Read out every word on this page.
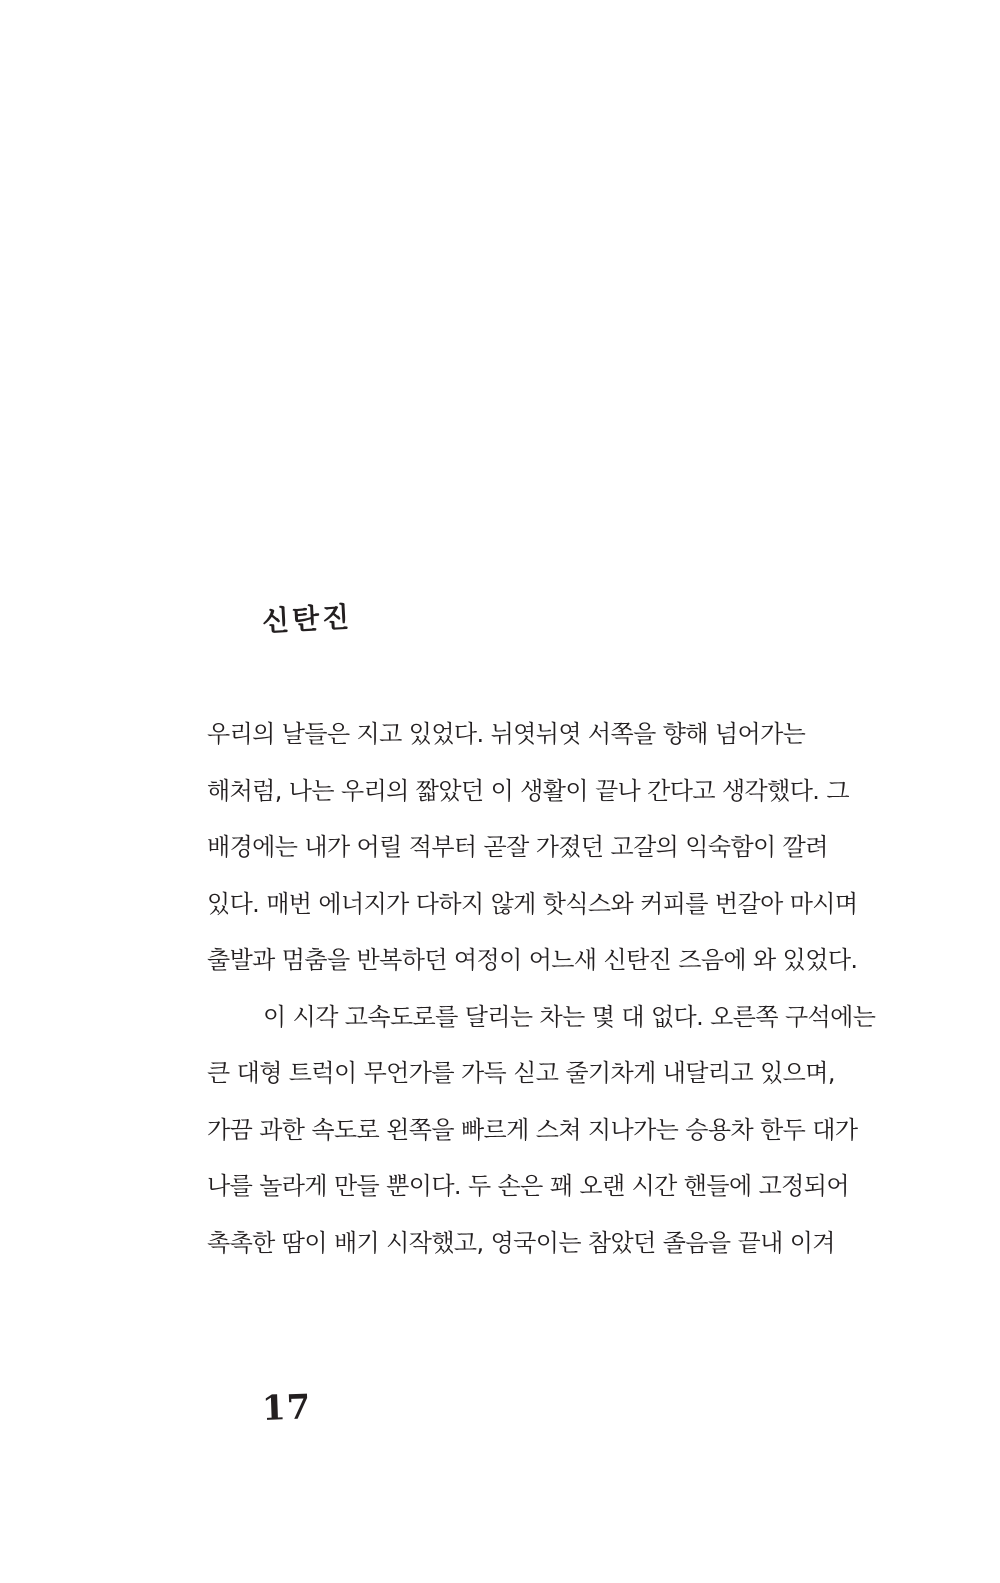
신탄진
우리의 날들은 지고 있었다. 뉘엿뉘엿 서쪽을 향해 넘어가는
해처럼, 나는 우리의 짧았던 이 생활이 끝나 간다고 생각했다. 그
배경에는 내가 어릴 적부터 곧잘 가졌던 고갈의 익숙함이 깔려
있다. 매번 에너지가 다하지 않게 핫식스와 커피를 번갈아 마시며
출발과 멈춤을 반복하던 여정이 어느새 신탄진 즈음에 와 있었다.
이 시각 고속도로를 달리는 차는 몇 대 없다. 오른쪽 구석에는
큰 대형 트럭이 무언가를 가득 싣고 줄기차게 내달리고 있으며,
가끔 과한 속도로 왼쪽을 빠르게 스쳐 지나가는 승용차 한두 대가
나를 놀라게 만들 뿐이다. 두 손은 꽤 오랜 시간 핸들에 고정되어
촉촉한 땀이 배기 시작했고, 영국이는 참았던 졸음을 끝내 이겨
17
